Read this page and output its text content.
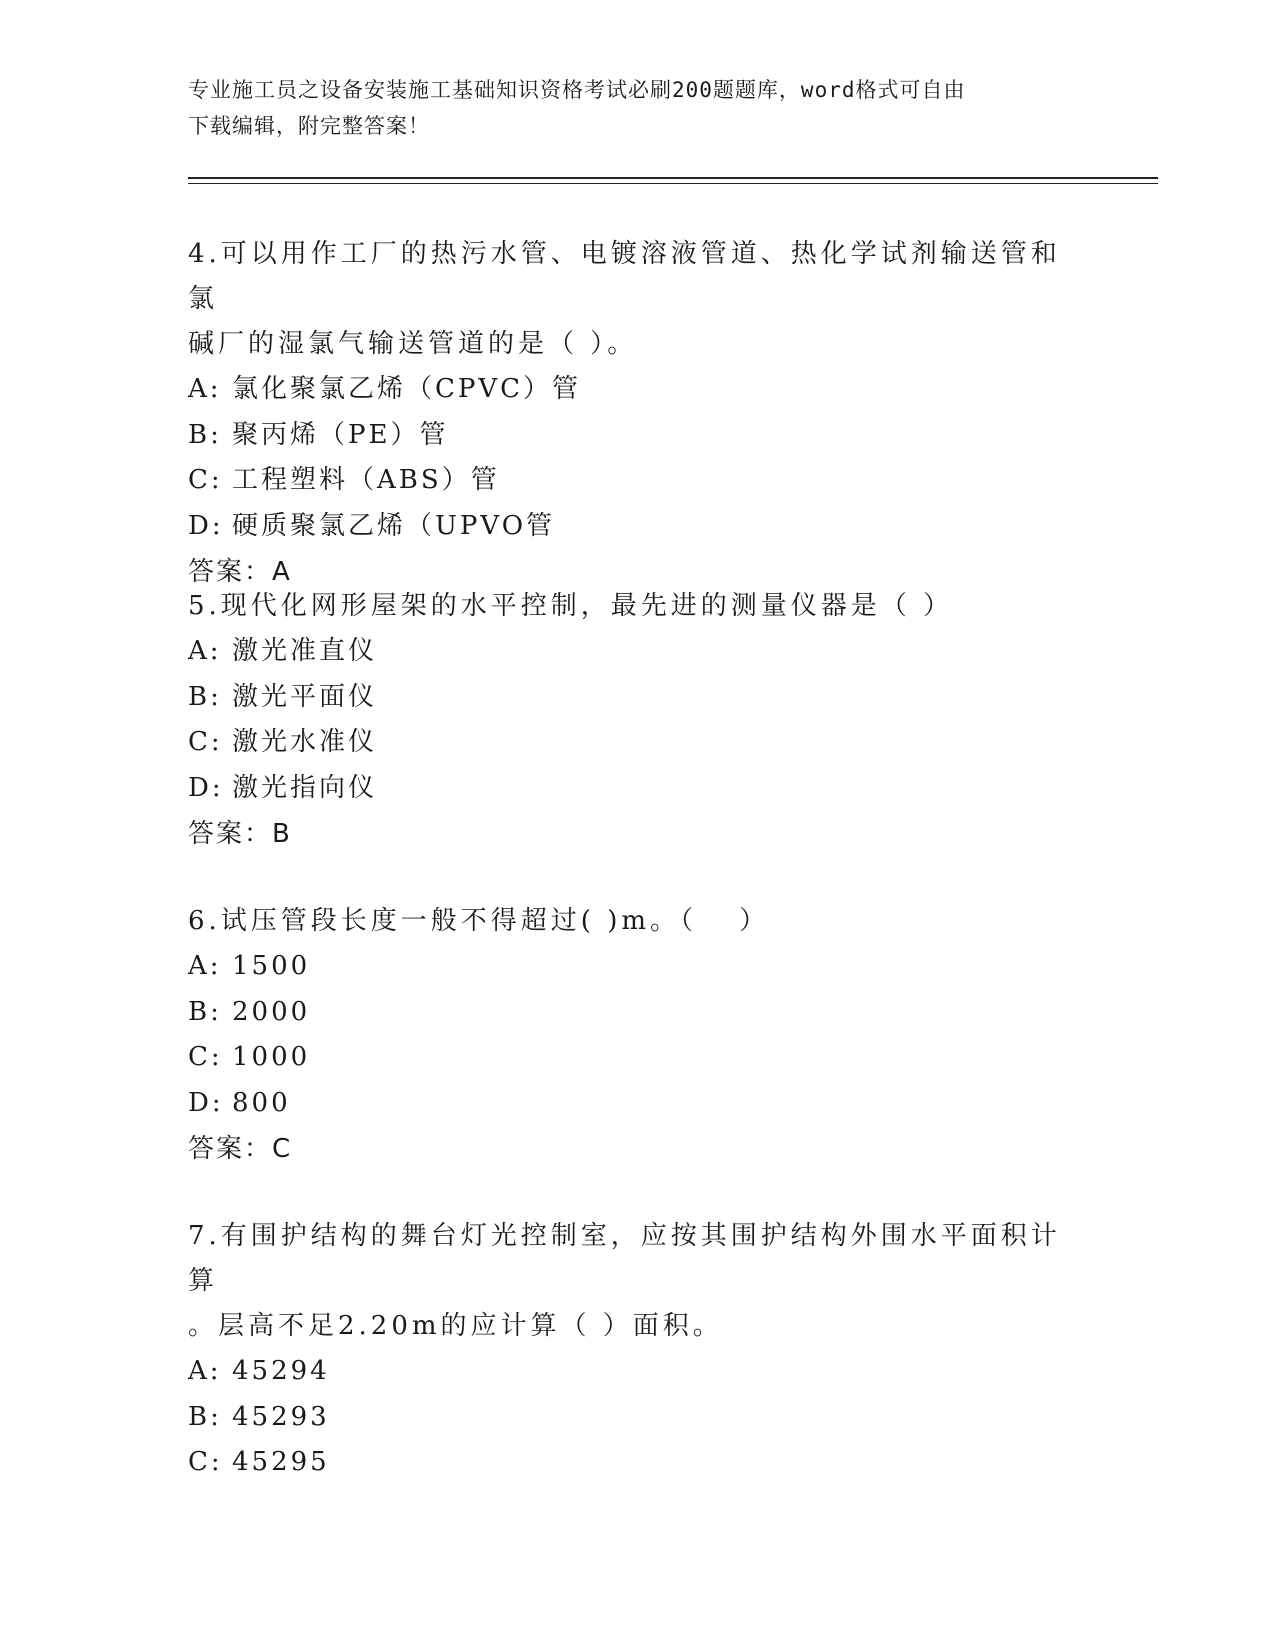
专业施工员之设备安装施工基础知识资格考试必刷200题题库，word格式可自由
下载编辑，附完整答案！
4.可以用作工厂的热污水管、电镀溶液管道、热化学试剂输送管和氯
碱厂的湿氯气输送管道的是（ ）。
A: 氯化聚氯乙烯（CPVC）管
B: 聚丙烯（PE）管
C: 工程塑料（ABS）管
D: 硬质聚氯乙烯（UPVO管
答案：A
5.现代化网形屋架的水平控制，最先进的测量仪器是（ ）
A: 激光准直仪
B: 激光平面仪
C: 激光水准仪
D: 激光指向仪
答案：B
6.试压管段长度一般不得超过( )m。（　 ）
A: 1500
B: 2000
C: 1000
D: 800
答案：C
7.有围护结构的舞台灯光控制室，应按其围护结构外围水平面积计算
。层高不足2.20m的应计算（ ）面积。
A: 45294
B: 45293
C: 45295
